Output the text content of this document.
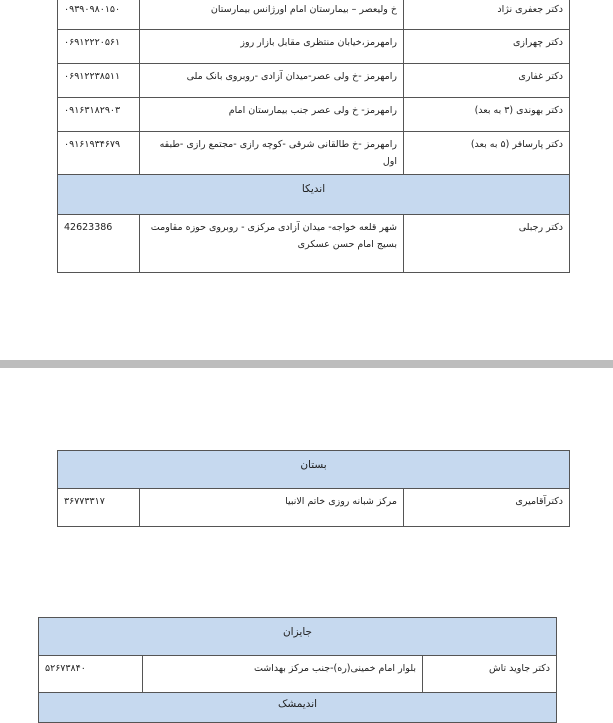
دکتر جعفری نژاد	خ ولیعصر – بیمارستان امام اورژانس بیمارستان	۰۹۳۹۰۹۸۰۱۵۰
دکتر چهرازی	رامهرمز،خیابان منتظری مقابل بازار روز	۰۶۹۱۲۲۲۰۵۶۱
دکتر غفاری	رامهرمز -خ ولی عصر-میدان آزادی -روبروی بانک ملی	۰۶۹۱۲۲۳۸۵۱۱
دکتر بهوندی (۳ به بعد)	رامهرمز- خ ولی عصر جنب بیمارستان امام	۰۹۱۶۳۱۸۲۹۰۳
دکتر پارسافر (۵ به بعد)	رامهرمز -خ طالقانی شرقی -کوچه رازی -مجتمع رازی -طبقه اول	۰۹۱۶۱۹۳۴۶۷۹
اندیکا		
دکتر رجبلی	شهر قلعه خواجه- میدان آزادی مرکزی - روبروی حوزه مقاومت بسیج امام حسن عسکری	42623386
بستان
دکترآقامیری	مرکز شبانه روزی خاتم الانبیا	۳۶۷۷۳۳۱۷
جایزان
دکتر جاوید تاش	بلوار امام خمینی(ره)-جنب مرکز بهداشت	۵۲۶۷۳۸۴۰
اندیمشک
